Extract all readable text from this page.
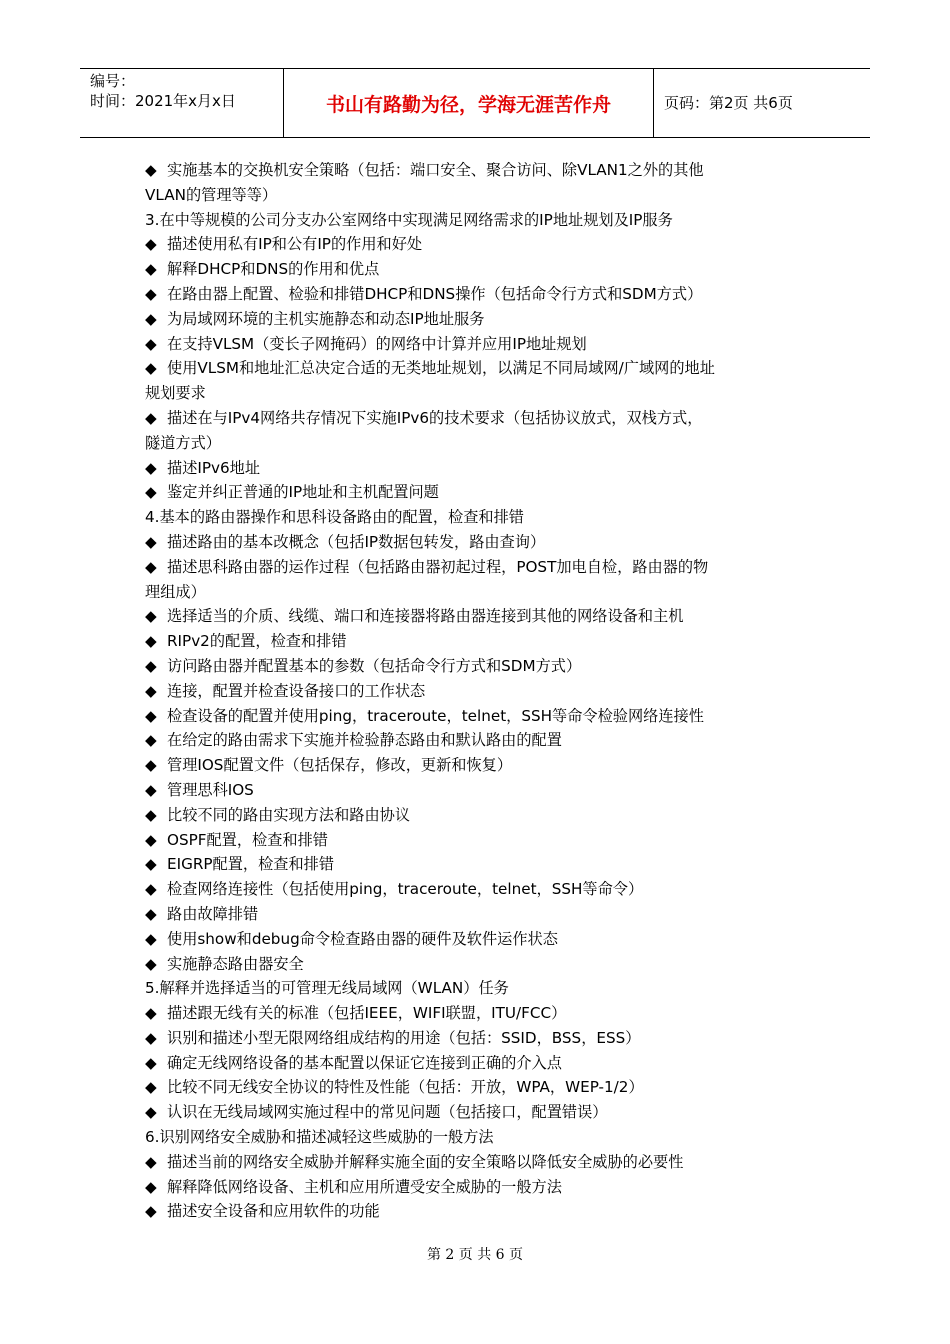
编号：
时间：2021年x月x日	书山有路勤为径，学海无涯苦作舟	页码：第2页 共6页
◆ 实施基本的交换机安全策略（包括：端口安全、聚合访问、除VLAN1之外的其他
VLAN的管理等等）
3.在中等规模的公司分支办公室网络中实现满足网络需求的IP地址规划及IP服务
◆ 描述使用私有IP和公有IP的作用和好处
◆ 解释DHCP和DNS的作用和优点
◆ 在路由器上配置、检验和排错DHCP和DNS操作（包括命令行方式和SDM方式）
◆ 为局域网环境的主机实施静态和动态IP地址服务
◆ 在支持VLSM（变长子网掩码）的网络中计算并应用IP地址规划
◆ 使用VLSM和地址汇总决定合适的无类地址规划，以满足不同局域网/广域网的地址
规划要求
◆ 描述在与IPv4网络共存情况下实施IPv6的技术要求（包括协议放式，双栈方式，
隧道方式）
◆ 描述IPv6地址
◆ 鉴定并纠正普通的IP地址和主机配置问题
4.基本的路由器操作和思科设备路由的配置，检查和排错
◆ 描述路由的基本改概念（包括IP数据包转发，路由查询）
◆ 描述思科路由器的运作过程（包括路由器初起过程，POST加电自检，路由器的物
理组成）
◆ 选择适当的介质、线缆、端口和连接器将路由器连接到其他的网络设备和主机
◆ RIPv2的配置，检查和排错
◆ 访问路由器并配置基本的参数（包括命令行方式和SDM方式）
◆ 连接，配置并检查设备接口的工作状态
◆ 检查设备的配置并使用ping，traceroute，telnet，SSH等命令检验网络连接性
◆ 在给定的路由需求下实施并检验静态路由和默认路由的配置
◆ 管理IOS配置文件（包括保存，修改，更新和恢复）
◆ 管理思科IOS
◆ 比较不同的路由实现方法和路由协议
◆ OSPF配置，检查和排错
◆ EIGRP配置，检查和排错
◆ 检查网络连接性（包括使用ping，traceroute，telnet，SSH等命令）
◆ 路由故障排错
◆ 使用show和debug命令检查路由器的硬件及软件运作状态
◆ 实施静态路由器安全
5.解释并选择适当的可管理无线局域网（WLAN）任务
◆ 描述跟无线有关的标准（包括IEEE，WIFI联盟，ITU/FCC）
◆ 识别和描述小型无限网络组成结构的用途（包括：SSID，BSS，ESS）
◆ 确定无线网络设备的基本配置以保证它连接到正确的介入点
◆ 比较不同无线安全协议的特性及性能（包括：开放，WPA，WEP-1/2）
◆ 认识在无线局域网实施过程中的常见问题（包括接口，配置错误）
6.识别网络安全威胁和描述减轻这些威胁的一般方法
◆ 描述当前的网络安全威胁并解释实施全面的安全策略以降低安全威胁的必要性
◆ 解释降低网络设备、主机和应用所遭受安全威胁的一般方法
◆ 描述安全设备和应用软件的功能
第 2 页 共 6 页
